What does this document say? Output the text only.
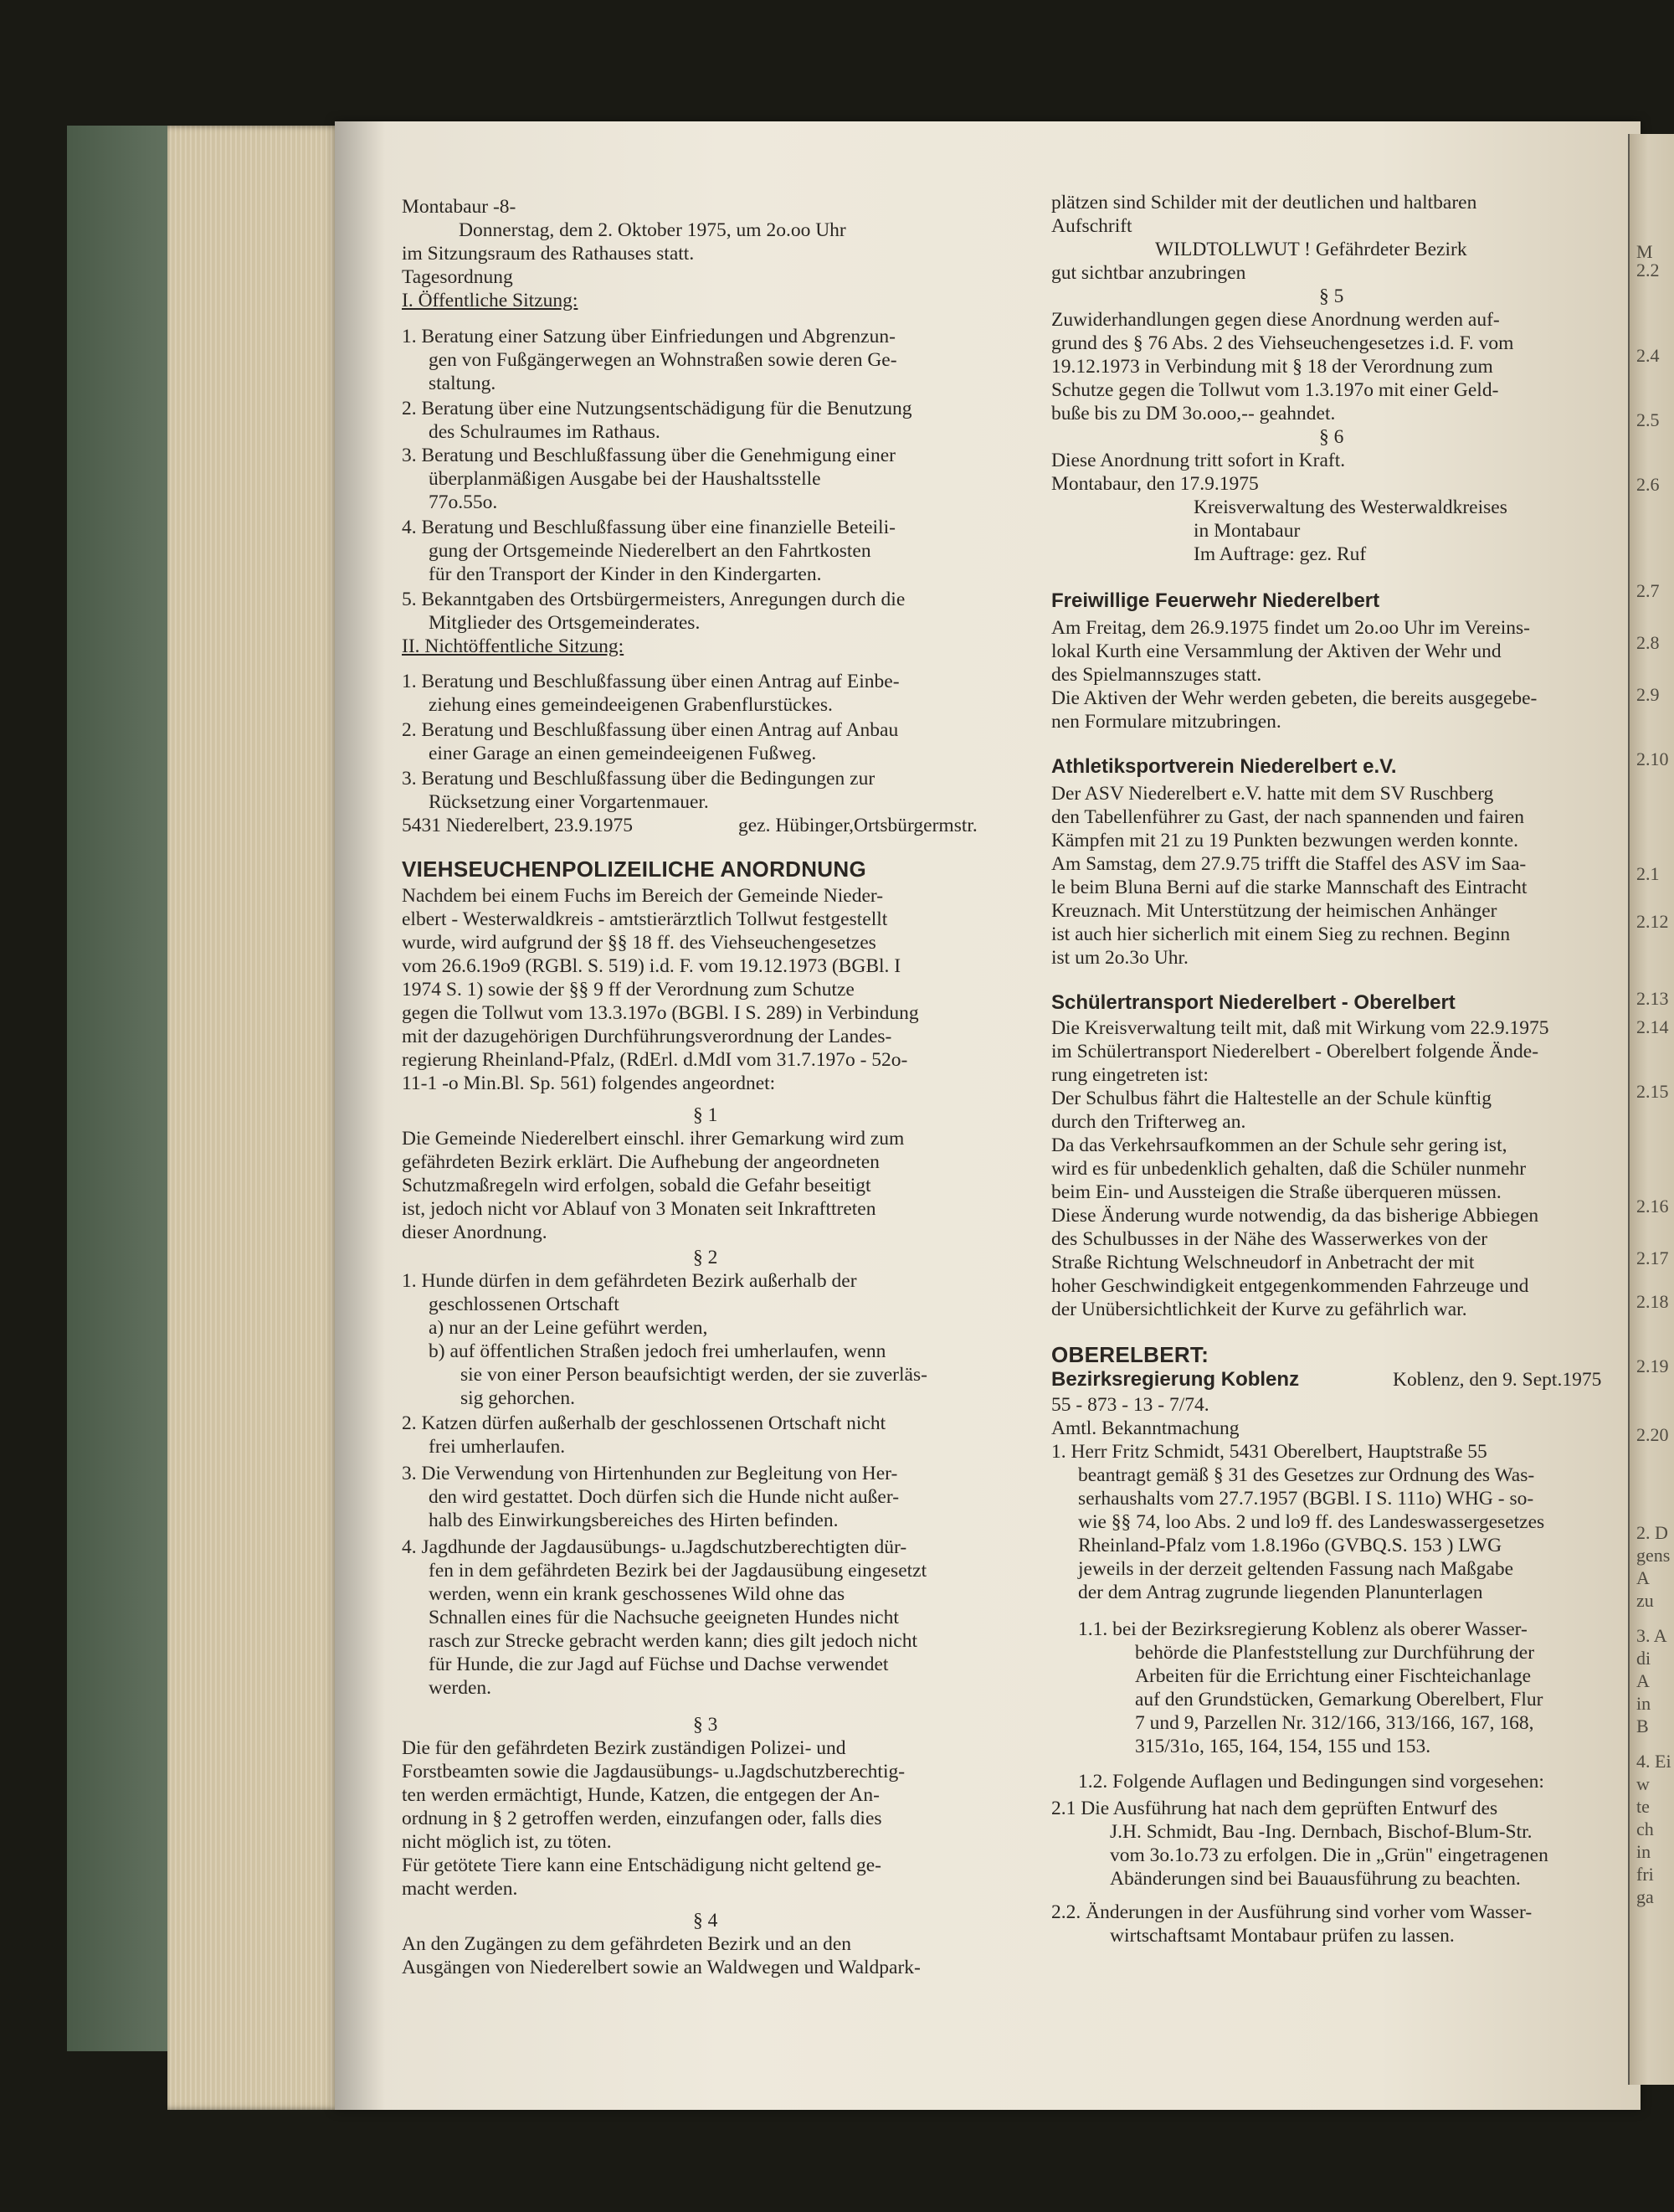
M
2.2
2.4
2.5
2.6
2.7
2.8
2.9
2.10
2.1
2.12
2.13
2.14
2.15
2.16
2.17
2.18
2.19
2.20
2. D
gens
A
zu
3. A
di
A
in
B
4. Ei
w
te
ch
in
fri
ga
Montabaur -8-
Donnerstag, dem 2. Oktober 1975, um 2o.oo Uhr
im Sitzungsraum des Rathauses statt.
Tagesordnung
I. Öffentliche Sitzung:
1. Beratung einer Satzung über Einfriedungen und Abgrenzun-
gen von Fußgängerwegen an Wohnstraßen sowie deren Ge-
staltung.
2. Beratung über eine Nutzungsentschädigung für die Benutzung
des Schulraumes im Rathaus.
3. Beratung und Beschlußfassung über die Genehmigung einer
überplanmäßigen Ausgabe bei der Haushaltsstelle
77o.55o.
4. Beratung und Beschlußfassung über eine finanzielle Beteili-
gung der Ortsgemeinde Niederelbert an den Fahrtkosten
für den Transport der Kinder in den Kindergarten.
5. Bekanntgaben des Ortsbürgermeisters, Anregungen durch die
Mitglieder des Ortsgemeinderates.
II. Nichtöffentliche Sitzung:
1. Beratung und Beschlußfassung über einen Antrag auf Einbe-
ziehung eines gemeindeeigenen Grabenflurstückes.
2. Beratung und Beschlußfassung über einen Antrag auf Anbau
einer Garage an einen gemeindeeigenen Fußweg.
3. Beratung und Beschlußfassung über die Bedingungen zur
Rücksetzung einer Vorgartenmauer.
5431 Niederelbert, 23.9.1975	gez. Hübinger,Ortsbürgermstr.
VIEHSEUCHENPOLIZEILICHE ANORDNUNG
Nachdem bei einem Fuchs im Bereich der Gemeinde Nieder-
elbert - Westerwaldkreis - amtstierärztlich Tollwut festgestellt
wurde, wird aufgrund der §§ 18 ff. des Viehseuchengesetzes
vom 26.6.19o9 (RGBl. S. 519) i.d. F. vom 19.12.1973 (BGBl. I
1974 S. 1) sowie der §§ 9 ff der Verordnung zum Schutze
gegen die Tollwut vom 13.3.197o (BGBl. I S. 289) in Verbindung
mit der dazugehörigen Durchführungsverordnung der Landes-
regierung Rheinland-Pfalz, (RdErl. d.MdI vom 31.7.197o - 52o-
11-1 -o Min.Bl. Sp. 561) folgendes angeordnet:
§ 1
Die Gemeinde Niederelbert einschl. ihrer Gemarkung wird zum
gefährdeten Bezirk erklärt. Die Aufhebung der angeordneten
Schutzmaßregeln wird erfolgen, sobald die Gefahr beseitigt
ist, jedoch nicht vor Ablauf von 3 Monaten seit Inkrafttreten
dieser Anordnung.
§ 2
1. Hunde dürfen in dem gefährdeten Bezirk außerhalb der
geschlossenen Ortschaft
a) nur an der Leine geführt werden,
b) auf öffentlichen Straßen jedoch frei umherlaufen, wenn
sie von einer Person beaufsichtigt werden, der sie zuverläs-
sig gehorchen.
2. Katzen dürfen außerhalb der geschlossenen Ortschaft nicht
frei umherlaufen.
3. Die Verwendung von Hirtenhunden zur Begleitung von Her-
den wird gestattet. Doch dürfen sich die Hunde nicht außer-
halb des Einwirkungsbereiches des Hirten befinden.
4. Jagdhunde der Jagdausübungs- u.Jagdschutzberechtigten dür-
fen in dem gefährdeten Bezirk bei der Jagdausübung eingesetzt
werden, wenn ein krank geschossenes Wild ohne das
Schnallen eines für die Nachsuche geeigneten Hundes nicht
rasch zur Strecke gebracht werden kann; dies gilt jedoch nicht
für Hunde, die zur Jagd auf Füchse und Dachse verwendet
werden.
§ 3
Die für den gefährdeten Bezirk zuständigen Polizei- und
Forstbeamten sowie die Jagdausübungs- u.Jagdschutzberechtig-
ten werden ermächtigt, Hunde, Katzen, die entgegen der An-
ordnung in § 2 getroffen werden, einzufangen oder, falls dies
nicht möglich ist, zu töten.
Für getötete Tiere kann eine Entschädigung nicht geltend ge-
macht werden.
§ 4
An den Zugängen zu dem gefährdeten Bezirk und an den
Ausgängen von Niederelbert sowie an Waldwegen und Waldpark-
plätzen sind Schilder mit der deutlichen und haltbaren
Aufschrift
WILDTOLLWUT ! Gefährdeter Bezirk
gut sichtbar anzubringen
§ 5
Zuwiderhandlungen gegen diese Anordnung werden auf-
grund des § 76 Abs. 2 des Viehseuchengesetzes i.d. F. vom
19.12.1973 in Verbindung mit § 18 der Verordnung zum
Schutze gegen die Tollwut vom 1.3.197o mit einer Geld-
buße bis zu DM 3o.ooo,-- geahndet.
§ 6
Diese Anordnung tritt sofort in Kraft.
Montabaur, den 17.9.1975
Kreisverwaltung des Westerwaldkreises
in Montabaur
Im Auftrage: gez. Ruf
Freiwillige Feuerwehr Niederelbert
Am Freitag, dem 26.9.1975 findet um 2o.oo Uhr im Vereins-
lokal Kurth eine Versammlung der Aktiven der Wehr und
des Spielmannszuges statt.
Die Aktiven der Wehr werden gebeten, die bereits ausgegebe-
nen Formulare mitzubringen.
Athletiksportverein Niederelbert e.V.
Der ASV Niederelbert e.V. hatte mit dem SV Ruschberg
den Tabellenführer zu Gast, der nach spannenden und fairen
Kämpfen mit 21 zu 19 Punkten bezwungen werden konnte.
Am Samstag, dem 27.9.75 trifft die Staffel des ASV im Saa-
le beim Bluna Berni auf die starke Mannschaft des Eintracht
Kreuznach. Mit Unterstützung der heimischen Anhänger
ist auch hier sicherlich mit einem Sieg zu rechnen. Beginn
ist um 2o.3o Uhr.
Schülertransport Niederelbert - Oberelbert
Die Kreisverwaltung teilt mit, daß mit Wirkung vom 22.9.1975
im Schülertransport Niederelbert - Oberelbert folgende Ände-
rung eingetreten ist:
Der Schulbus fährt die Haltestelle an der Schule künftig
durch den Trifterweg an.
Da das Verkehrsaufkommen an der Schule sehr gering ist,
wird es für unbedenklich gehalten, daß die Schüler nunmehr
beim Ein- und Aussteigen die Straße überqueren müssen.
Diese Änderung wurde notwendig, da das bisherige Abbiegen
des Schulbusses in der Nähe des Wasserwerkes von der
Straße Richtung Welschneudorf in Anbetracht der mit
hoher Geschwindigkeit entgegenkommenden Fahrzeuge und
der Unübersichtlichkeit der Kurve zu gefährlich war.
OBERELBERT:
Bezirksregierung Koblenz	Koblenz, den 9. Sept.1975
55 - 873 - 13 - 7/74.
Amtl. Bekanntmachung
1. Herr Fritz Schmidt, 5431 Oberelbert, Hauptstraße 55
beantragt gemäß § 31 des Gesetzes zur Ordnung des Was-
serhaushalts vom 27.7.1957 (BGBl. I S. 111o) WHG - so-
wie §§ 74, loo Abs. 2 und lo9 ff. des Landeswassergesetzes
Rheinland-Pfalz vom 1.8.196o (GVBQ.S. 153 ) LWG
jeweils in der derzeit geltenden Fassung nach Maßgabe
der dem Antrag zugrunde liegenden Planunterlagen
1.1. bei der Bezirksregierung Koblenz als oberer Wasser-
behörde die Planfeststellung zur Durchführung der
Arbeiten für die Errichtung einer Fischteichanlage
auf den Grundstücken, Gemarkung Oberelbert, Flur
7 und 9, Parzellen Nr. 312/166, 313/166, 167, 168,
315/31o, 165, 164, 154, 155 und 153.
1.2. Folgende Auflagen und Bedingungen sind vorgesehen:
2.1 Die Ausführung hat nach dem geprüften Entwurf des
J.H. Schmidt, Bau -Ing. Dernbach, Bischof-Blum-Str.
vom 3o.1o.73 zu erfolgen. Die in „Grün" eingetragenen
Abänderungen sind bei Bauausführung zu beachten.
2.2. Änderungen in der Ausführung sind vorher vom Wasser-
wirtschaftsamt Montabaur prüfen zu lassen.
